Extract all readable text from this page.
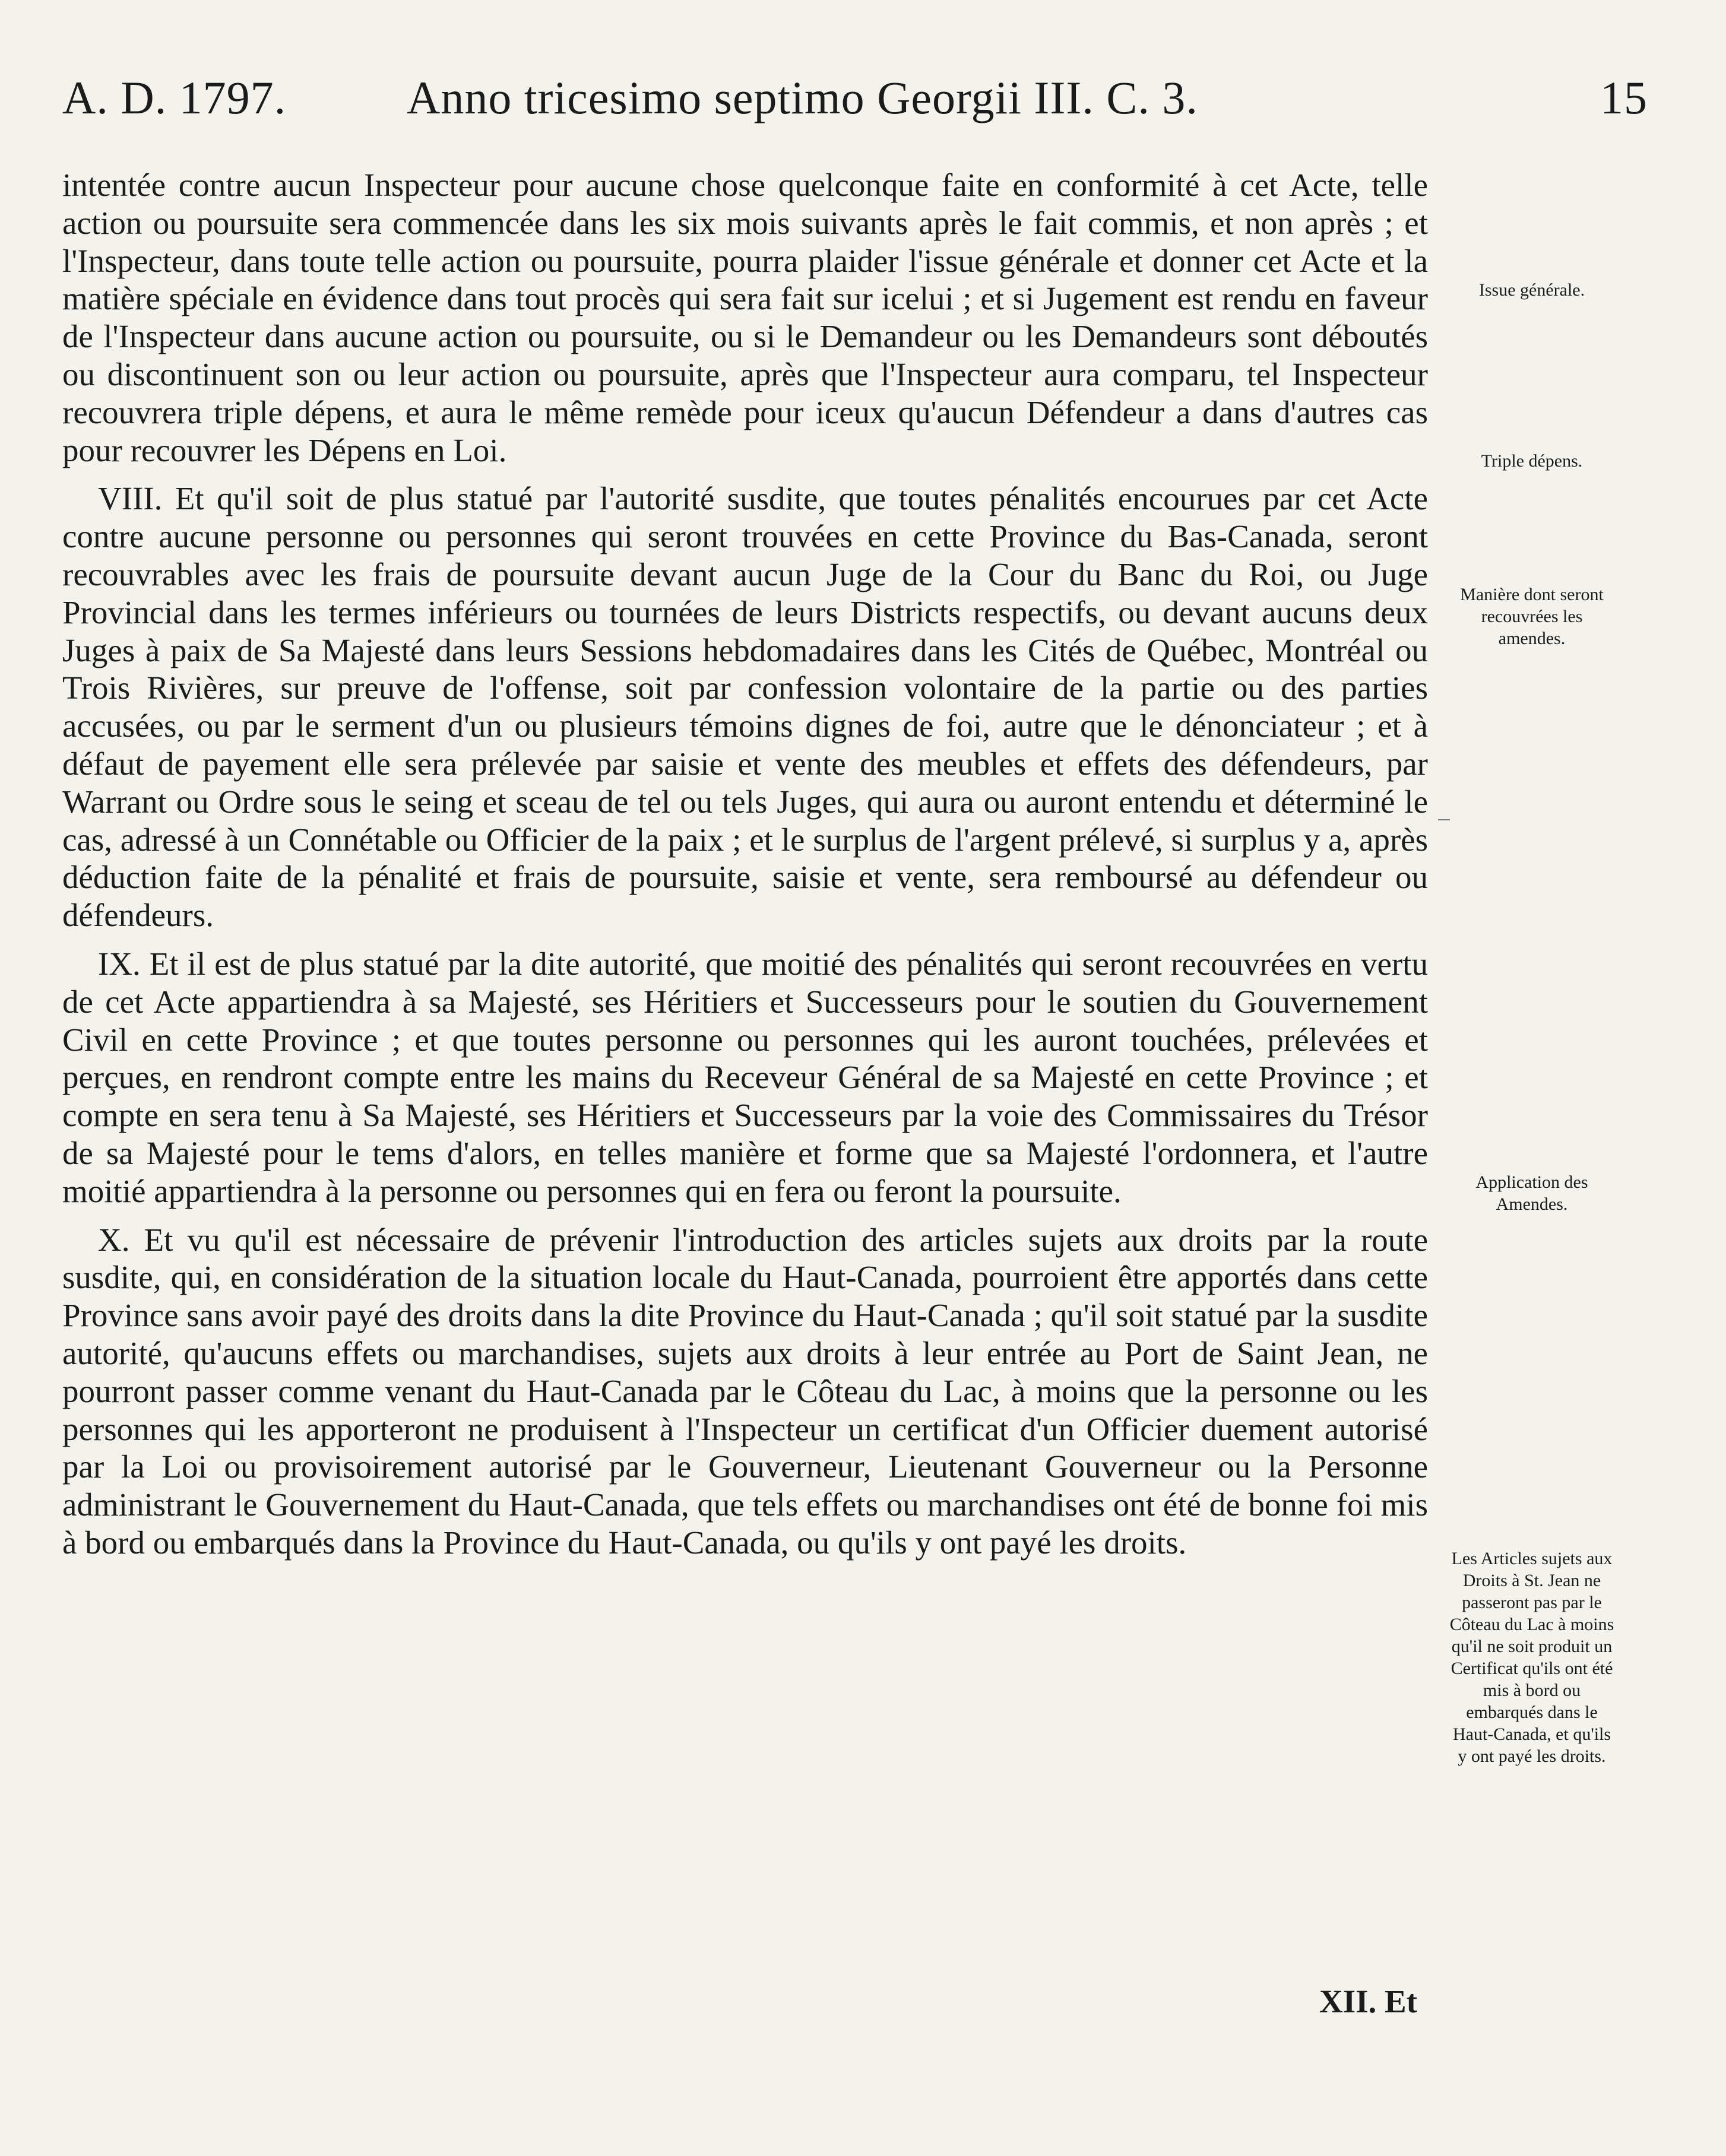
A. D. 1797.	Anno tricesimo septimo Georgii III. C. 3.	15

intentée contre aucun Inspecteur pour aucune chose quelconque faite en conformité à cet Acte, telle action ou poursuite sera commencée dans les six mois suivants après le fait commis, et non après ; et l'Inspecteur, dans toute telle action ou poursuite, pourra plaider l'issue générale et donner cet Acte et la matière spéciale en évidence dans tout procès qui sera fait sur icelui ; et si Jugement est rendu en faveur de l'Inspecteur dans aucune action ou poursuite, ou si le Demandeur ou les Demandeurs sont déboutés ou discontinuent son ou leur action ou poursuite, après que l'Inspecteur aura comparu, tel Inspecteur recouvrera triple dépens, et aura le même remède pour iceux qu'aucun Défendeur a dans d'autres cas pour recouvrer les Dépens en Loi.

VIII. Et qu'il soit de plus statué par l'autorité susdite, que toutes pénalités encourues par cet Acte contre aucune personne ou personnes qui seront trouvées en cette Province du Bas-Canada, seront recouvrables avec les frais de poursuite devant aucun Juge de la Cour du Banc du Roi, ou Juge Provincial dans les termes inférieurs ou tournées de leurs Districts respectifs, ou devant aucuns deux Juges à paix de Sa Majesté dans leurs Sessions hebdomadaires dans les Cités de Québec, Montréal ou Trois Rivières, sur preuve de l'offense, soit par confession volontaire de la partie ou des parties accusées, ou par le serment d'un ou plusieurs témoins dignes de foi, autre que le dénonciateur ; et à défaut de payement elle sera prélevée par saisie et vente des meubles et effets des défendeurs, par Warrant ou Ordre sous le seing et sceau de tel ou tels Juges, qui aura ou auront entendu et déterminé le cas, adressé à un Connétable ou Officier de la paix ; et le surplus de l'argent prélevé, si surplus y a, après déduction faite de la pénalité et frais de poursuite, saisie et vente, sera remboursé au défendeur ou défendeurs.

IX. Et il est de plus statué par la dite autorité, que moitié des pénalités qui seront recouvrées en vertu de cet Acte appartiendra à sa Majesté, ses Héritiers et Successeurs pour le soutien du Gouvernement Civil en cette Province ; et que toutes personne ou personnes qui les auront touchées, prélevées et perçues, en rendront compte entre les mains du Receveur Général de sa Majesté en cette Province ; et compte en sera tenu à Sa Majesté, ses Héritiers et Successeurs par la voie des Commissaires du Trésor de sa Majesté pour le tems d'alors, en telles manière et forme que sa Majesté l'ordonnera, et l'autre moitié appartiendra à la personne ou personnes qui en fera ou feront la poursuite.

X. Et vu qu'il est nécessaire de prévenir l'introduction des articles sujets aux droits par la route susdite, qui, en considération de la situation locale du Haut-Canada, pourroient être apportés dans cette Province sans avoir payé des droits dans la dite Province du Haut-Canada ; qu'il soit statué par la susdite autorité, qu'aucuns effets ou marchandises, sujets aux droits à leur entrée au Port de Saint Jean, ne pourront passer comme venant du Haut-Canada par le Côteau du Lac, à moins que la personne ou les personnes qui les apporteront ne produisent à l'Inspecteur un certificat d'un Officier duement autorisé par la Loi ou provisoirement autorisé par le Gouverneur, Lieutenant Gouverneur ou la Personne administrant le Gouvernement du Haut-Canada, que tels effets ou marchandises ont été de bonne foi mis à bord ou embarqués dans la Province du Haut-Canada, ou qu'ils y ont payé les droits.

Issue générale.
Triple dépens.
Manière dont seront recouvrées les amendes.
Application des Amendes.
Les Articles sujets aux Droits à St. Jean ne passeront pas par le Côteau du Lac à moins qu'il ne soit produit un Certificat qu'ils ont été mis à bord ou embarqués dans le Haut-Canada, et qu'ils y ont payé les droits.
XII. Et
